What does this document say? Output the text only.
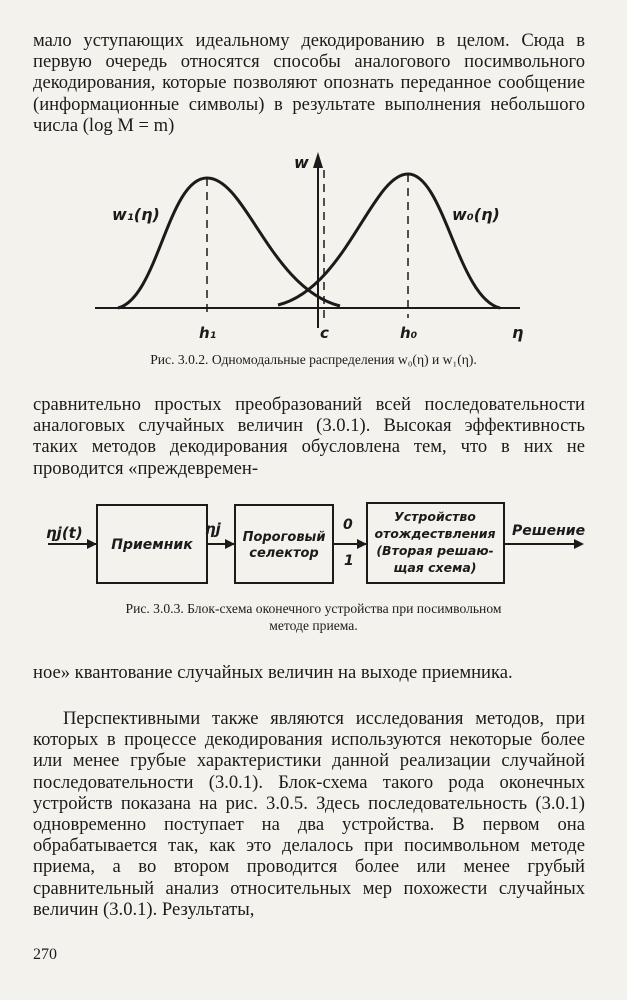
мало уступающих идеальному декодированию в целом. Сюда в первую очередь относятся способы аналогового посимвольного декодирования, которые позволяют опознать переданное сообщение (информационные символы) в результате выполнения небольшого числа (log M = m)

w
w₁(η)	w₀(η)
h₁	c	h₀	η

Рис. 3.0.2. Одномодальные распределения w₀(η) и w₁(η).

сравнительно простых преобразований всей последовательности аналоговых случайных величин (3.0.1). Высокая эффективность таких методов декодирования обусловлена тем, что в них не проводится «преждевремен-

ηj(t)
Приемник
ηj Пороговый
селектор
0
1
Устройство
отождествления
(Вторая решаю-
щая схема)
Решение

Рис. 3.0.3. Блок-схема оконечного устройства при посимвольном

методе приема.

ное» квантование случайных величин на выходе приемника.

Перспективными также являются исследования методов, при которых в процессе декодирования используются некоторые более или менее грубые характеристики данной реализации случайной последовательности (3.0.1). Блок-схема такого рода оконечных устройств показана на рис. 3.0.5. Здесь последовательность (3.0.1) одновременно поступает на два устройства. В первом она обрабатывается так, как это делалось при посимвольном методе приема, а во втором проводится более или менее грубый сравнительный анализ относительных мер похожести случайных величин (3.0.1). Результаты,

270
